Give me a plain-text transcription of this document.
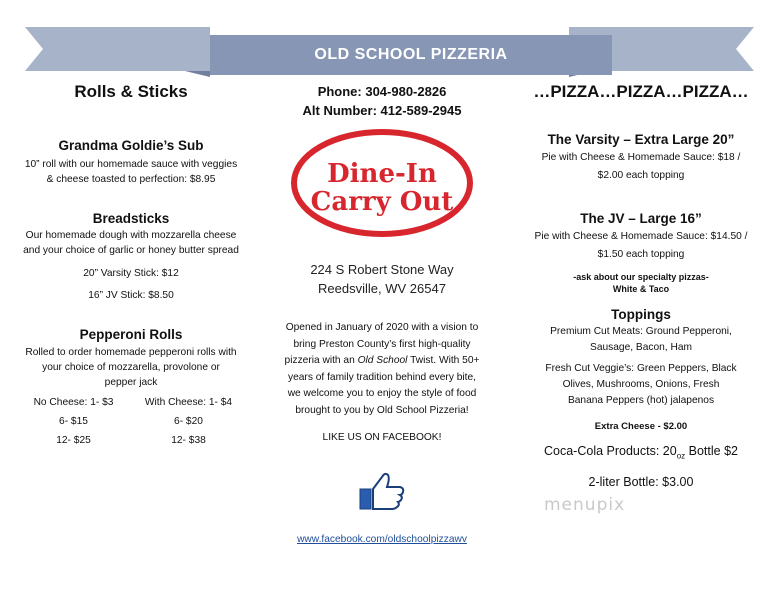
OLD SCHOOL PIZZERIA

Rolls & Sticks

Grandma Goldie’s Sub

10” roll with our homemade sauce with veggies

& cheese toasted to perfection: $8.95

Breadsticks

Our homemade dough with mozzarella cheese

and your choice of garlic or honey butter spread

20” Varsity Stick: $12

16” JV Stick: $8.50

Pepperoni Rolls

Rolled to order homemade pepperoni rolls with

your choice of mozzarella, provolone or

pepper jack

No Cheese: 1- $3	With Cheese: 1- $4
6- $15	6- $20
12- $25	12- $38

Phone: 304-980-2826

Alt Number: 412-589-2945

Dine-In
Carry Out

224 S Robert Stone Way

Reedsville, WV 26547

Opened in January of 2020 with a vision to
bring Preston County’s first high-quality
pizzeria with an Old School Twist. With 50+
years of family tradition behind every bite,
we welcome you to enjoy the style of food
brought to you by Old School Pizzeria!

LIKE US ON FACEBOOK!

www.facebook.com/oldschoolpizzawv

…PIZZA…PIZZA…PIZZA…

The Varsity – Extra Large 20”

Pie with Cheese & Homemade Sauce: $18 /

$2.00 each topping

The JV – Large 16”

Pie with Cheese & Homemade Sauce: $14.50 /

$1.50 each topping

-ask about our specialty pizzas-

White & Taco

Toppings

Premium Cut Meats: Ground Pepperoni,

Sausage, Bacon, Ham

Fresh Cut Veggie’s: Green Peppers, Black

Olives, Mushrooms, Onions, Fresh

Banana Peppers (hot) jalapenos

Extra Cheese - $2.00

Coca-Cola Products: $20_{oz}$ Bottle $2

2-liter Bottle: $3.00

menupix
